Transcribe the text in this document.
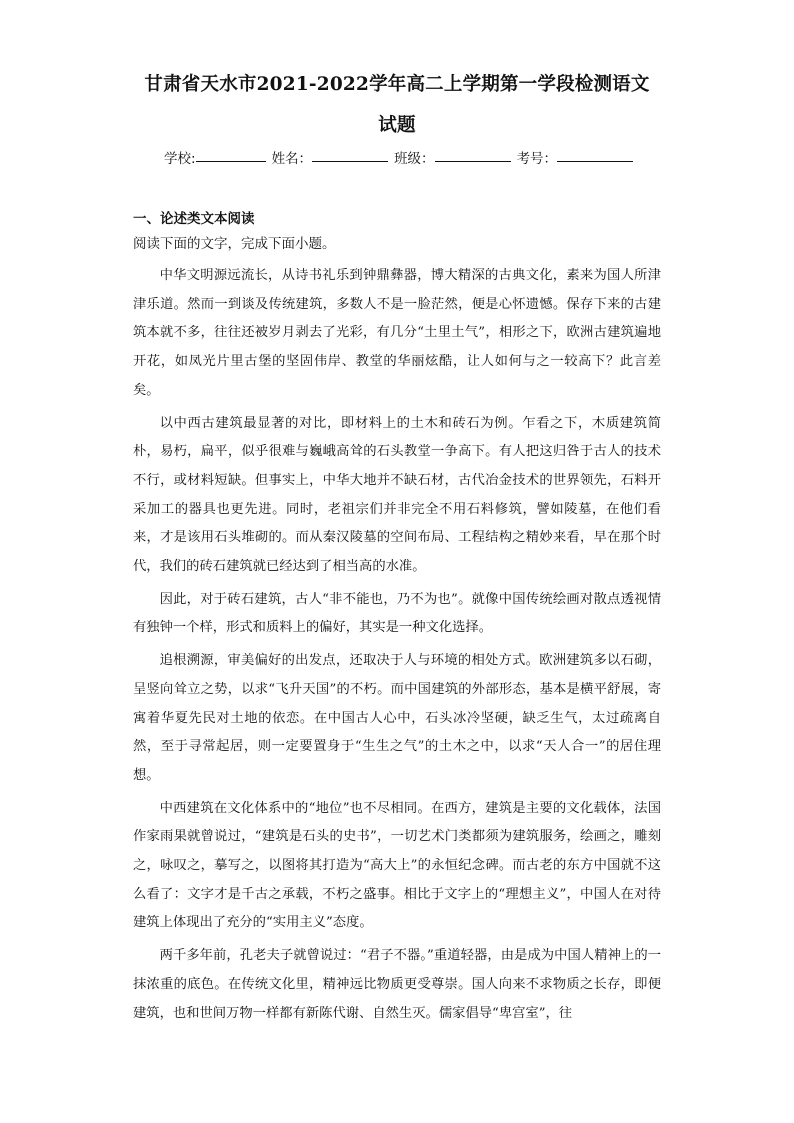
甘肃省天水市2021-2022学年高二上学期第一学段检测语文
试题
学校:	姓名：	班级：	考号：
一、论述类文本阅读
阅读下面的文字，完成下面小题。

中华文明源远流长，从诗书礼乐到钟鼎彝器，博大精深的古典文化，素来为国人所津津乐道。然而一到谈及传统建筑，多数人不是一脸茫然，便是心怀遗憾。保存下来的古建筑本就不多，往往还被岁月剥去了光彩，有几分“土里土气”，相形之下，欧洲古建筑遍地开花，如凤光片里古堡的坚固伟岸、教堂的华丽炫酷，让人如何与之一较高下？此言差矣。

以中西古建筑最显著的对比，即材料上的土木和砖石为例。乍看之下，木质建筑简朴，易朽，扁平，似乎很难与巍峨高耸的石头教堂一争高下。有人把这归咎于古人的技术不行，或材料短缺。但事实上，中华大地并不缺石材，古代冶金技术的世界领先，石料开采加工的器具也更先进。同时，老祖宗们并非完全不用石料修筑，譬如陵墓，在他们看来，才是该用石头堆砌的。而从秦汉陵墓的空间布局、工程结构之精妙来看，早在那个时代，我们的砖石建筑就已经达到了相当高的水准。

因此，对于砖石建筑，古人“非不能也，乃不为也”。就像中国传统绘画对散点透视情有独钟一个样，形式和质料上的偏好，其实是一种文化选择。

追根溯源，审美偏好的出发点，还取决于人与环境的相处方式。欧洲建筑多以石砌，呈竖向耸立之势，以求“飞升天国”的不朽。而中国建筑的外部形态，基本是横平舒展，寄寓着华夏先民对土地的依恋。在中国古人心中，石头冰冷坚硬，缺乏生气，太过疏离自然，至于寻常起居，则一定要置身于“生生之气”的土木之中，以求“天人合一”的居住理想。

中西建筑在文化体系中的“地位”也不尽相同。在西方，建筑是主要的文化载体，法国作家雨果就曾说过，“建筑是石头的史书”，一切艺术门类都须为建筑服务，绘画之，雕刻之，咏叹之，摹写之，以图将其打造为“高大上”的永恒纪念碑。而古老的东方中国就不这么看了：文字才是千古之承载，不朽之盛事。相比于文字上的“理想主义”，中国人在对待建筑上体现出了充分的“实用主义”态度。

两千多年前，孔老夫子就曾说过：“君子不器。”重道轻器，由是成为中国人精神上的一抹浓重的底色。在传统文化里，精神远比物质更受尊崇。国人向来不求物质之长存，即便建筑，也和世间万物一样都有新陈代谢、自然生灭。儒家倡导“卑宫室”，往
